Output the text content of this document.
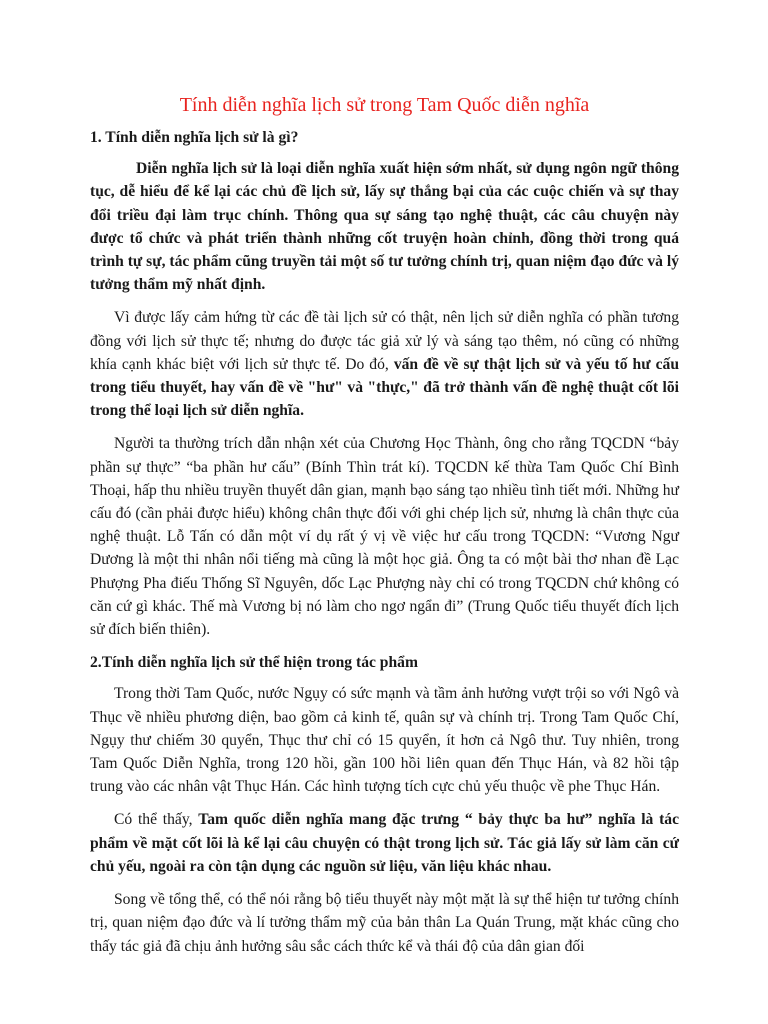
Tính diễn nghĩa lịch sử trong Tam Quốc diễn nghĩa
1. Tính diễn nghĩa lịch sử là gì?

Diễn nghĩa lịch sử là loại diễn nghĩa xuất hiện sớm nhất, sử dụng ngôn ngữ thông tục, dễ hiểu để kể lại các chủ đề lịch sử, lấy sự thắng bại của các cuộc chiến và sự thay đổi triều đại làm trục chính. Thông qua sự sáng tạo nghệ thuật, các câu chuyện này được tổ chức và phát triển thành những cốt truyện hoàn chỉnh, đồng thời trong quá trình tự sự, tác phẩm cũng truyền tải một số tư tưởng chính trị, quan niệm đạo đức và lý tưởng thẩm mỹ nhất định.

Vì được lấy cảm hứng từ các đề tài lịch sử có thật, nên lịch sử diễn nghĩa có phần tương đồng với lịch sử thực tế; nhưng do được tác giả xử lý và sáng tạo thêm, nó cũng có những khía cạnh khác biệt với lịch sử thực tế. Do đó, vấn đề về sự thật lịch sử và yếu tố hư cấu trong tiểu thuyết, hay vấn đề về "hư" và "thực," đã trở thành vấn đề nghệ thuật cốt lõi trong thể loại lịch sử diễn nghĩa.

Người ta thường trích dẫn nhận xét của Chương Học Thành, ông cho rằng TQCDN “bảy phần sự thực” “ba phần hư cấu” (Bính Thìn trát kí). TQCDN kế thừa Tam Quốc Chí Bình Thoại, hấp thu nhiều truyền thuyết dân gian, mạnh bạo sáng tạo nhiều tình tiết mới. Những hư cấu đó (cần phải được hiểu) không chân thực đối với ghi chép lịch sử, nhưng là chân thực của nghệ thuật. Lỗ Tấn có dẫn một ví dụ rất ý vị về việc hư cấu trong TQCDN: “Vương Ngư Dương là một thi nhân nổi tiếng mà cũng là một học giả. Ông ta có một bài thơ nhan đề Lạc Phượng Pha điếu Thống Sĩ Nguyên, dốc Lạc Phượng này chỉ có trong TQCDN chứ không có căn cứ gì khác. Thế mà Vương bị nó làm cho ngơ ngẩn đi” (Trung Quốc tiểu thuyết đích lịch sử đích biến thiên).

2.Tính diễn nghĩa lịch sử thể hiện trong tác phẩm

Trong thời Tam Quốc, nước Ngụy có sức mạnh và tầm ảnh hưởng vượt trội so với Ngô và Thục về nhiều phương diện, bao gồm cả kinh tế, quân sự và chính trị. Trong Tam Quốc Chí, Ngụy thư chiếm 30 quyển, Thục thư chỉ có 15 quyển, ít hơn cả Ngô thư. Tuy nhiên, trong Tam Quốc Diễn Nghĩa, trong 120 hồi, gần 100 hồi liên quan đến Thục Hán, và 82 hồi tập trung vào các nhân vật Thục Hán. Các hình tượng tích cực chủ yếu thuộc về phe Thục Hán.

Có thể thấy, Tam quốc diễn nghĩa mang đặc trưng “ bảy thực ba hư” nghĩa là tác phẩm về mặt cốt lõi là kể lại câu chuyện có thật trong lịch sử. Tác giả lấy sử làm căn cứ chủ yếu, ngoài ra còn tận dụng các nguồn sử liệu, văn liệu khác nhau.

Song về tổng thể, có thể nói rằng bộ tiểu thuyết này một mặt là sự thể hiện tư tưởng chính trị, quan niệm đạo đức và lí tưởng thẩm mỹ của bản thân La Quán Trung, mặt khác cũng cho thấy tác giả đã chịu ảnh hưởng sâu sắc cách thức kể và thái độ của dân gian đối
